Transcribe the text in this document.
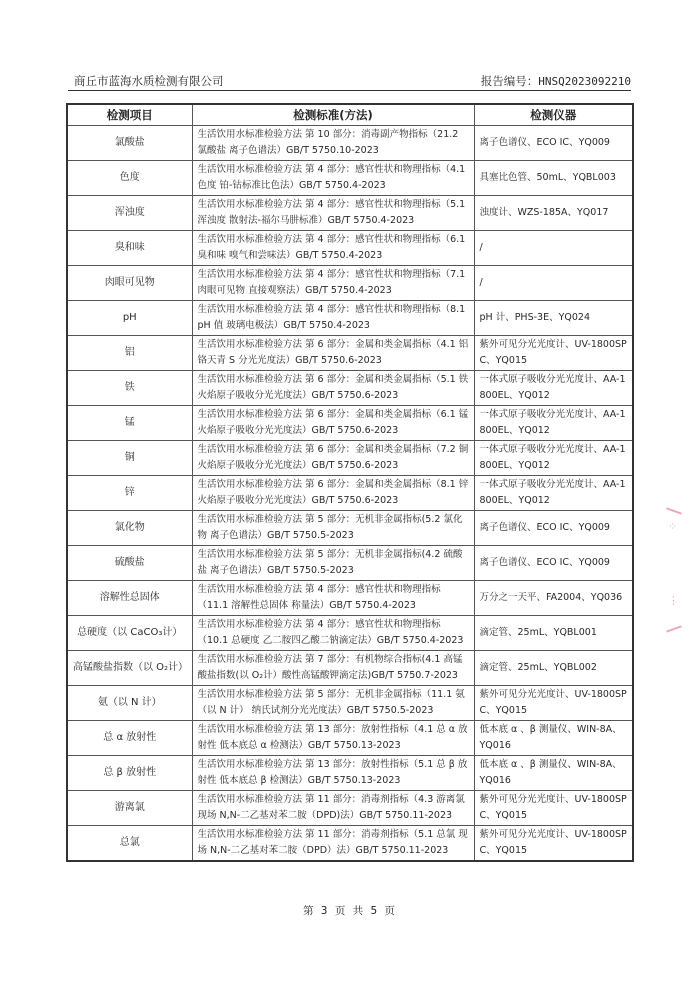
商丘市蓝海水质检测有限公司	报告编号：HNSQ2023092210
检测项目	检测标准(方法)	检测仪器
氯酸盐	生活饮用水标准检验方法 第 10 部分：消毒副产物指标（21.2 氯酸盐 离子色谱法）GB/T 5750.10-2023	离子色谱仪、ECO IC、YQ009
色度	生活饮用水标准检验方法 第 4 部分：感官性状和物理指标（4.1 色度 铂-钴标准比色法）GB/T 5750.4-2023	具塞比色管、50mL、YQBL003
浑浊度	生活饮用水标准检验方法 第 4 部分：感官性状和物理指标（5.1 浑浊度 散射法-福尔马肼标准）GB/T 5750.4-2023	浊度计、WZS-185A、YQ017
臭和味	生活饮用水标准检验方法 第 4 部分：感官性状和物理指标（6.1 臭和味 嗅气和尝味法）GB/T 5750.4-2023	/
肉眼可见物	生活饮用水标准检验方法 第 4 部分：感官性状和物理指标（7.1 肉眼可见物 直接观察法）GB/T 5750.4-2023	/
pH	生活饮用水标准检验方法 第 4 部分：感官性状和物理指标（8.1 pH 值 玻璃电极法）GB/T 5750.4-2023	pH 计、PHS-3E、YQ024
铝	生活饮用水标准检验方法 第 6 部分：金属和类金属指标（4.1 铝 铬天青 S 分光光度法）GB/T 5750.6-2023	紫外可见分光光度计、UV-1800SPC、YQ015
铁	生活饮用水标准检验方法 第 6 部分：金属和类金属指标（5.1 铁 火焰原子吸收分光光度法）GB/T 5750.6-2023	一体式原子吸收分光光度计、AA-1800EL、YQ012
锰	生活饮用水标准检验方法 第 6 部分：金属和类金属指标（6.1 锰 火焰原子吸收分光光度法）GB/T 5750.6-2023	一体式原子吸收分光光度计、AA-1800EL、YQ012
铜	生活饮用水标准检验方法 第 6 部分：金属和类金属指标（7.2 铜 火焰原子吸收分光光度法）GB/T 5750.6-2023	一体式原子吸收分光光度计、AA-1800EL、YQ012
锌	生活饮用水标准检验方法 第 6 部分：金属和类金属指标（8.1 锌 火焰原子吸收分光光度法）GB/T 5750.6-2023	一体式原子吸收分光光度计、AA-1800EL、YQ012
氯化物	生活饮用水标准检验方法 第 5 部分：无机非金属指标(5.2 氯化物 离子色谱法）GB/T 5750.5-2023	离子色谱仪、ECO IC、YQ009
硫酸盐	生活饮用水标准检验方法 第 5 部分：无机非金属指标(4.2 硫酸盐 离子色谱法）GB/T 5750.5-2023	离子色谱仪、ECO IC、YQ009
溶解性总固体	生活饮用水标准检验方法 第 4 部分：感官性状和物理指标（11.1 溶解性总固体 称量法）GB/T 5750.4-2023	万分之一天平、FA2004、YQ036
总硬度（以 CaCO₃计）	生活饮用水标准检验方法 第 4 部分：感官性状和物理指标（10.1 总硬度 乙二胺四乙酸二钠滴定法）GB/T 5750.4-2023	滴定管、25mL、YQBL001
高锰酸盐指数（以 O₂计）	生活饮用水标准检验方法 第 7 部分：有机物综合指标(4.1 高锰酸盐指数(以 O₂计）酸性高锰酸钾滴定法)GB/T 5750.7-2023	滴定管、25mL、YQBL002
氨（以 N 计）	生活饮用水标准检验方法 第 5 部分：无机非金属指标（11.1 氨（以 N 计） 纳氏试剂分光光度法）GB/T 5750.5-2023	紫外可见分光光度计、UV-1800SPC、YQ015
总 α 放射性	生活饮用水标准检验方法 第 13 部分：放射性指标（4.1 总 α 放射性 低本底总 α 检测法）GB/T 5750.13-2023	低本底 α 、β 测量仪、WIN-8A、YQ016
总 β 放射性	生活饮用水标准检验方法 第 13 部分：放射性指标（5.1 总 β 放射性 低本底总 β 检测法）GB/T 5750.13-2023	低本底 α 、β 测量仪、WIN-8A、YQ016
游离氯	生活饮用水标准检验方法 第 11 部分：消毒剂指标（4.3 游离氯 现场 N,N-二乙基对苯二胺（DPD)法）GB/T 5750.11-2023	紫外可见分光光度计、UV-1800SPC、YQ015
总氯	生活饮用水标准检验方法 第 11 部分：消毒剂指标（5.1 总氯 现场 N,N-二乙基对苯二胺（DPD）法）GB/T 5750.11-2023	紫外可见分光光度计、UV-1800SPC、YQ015
第 3 页 共 5 页
⁘
⋮
